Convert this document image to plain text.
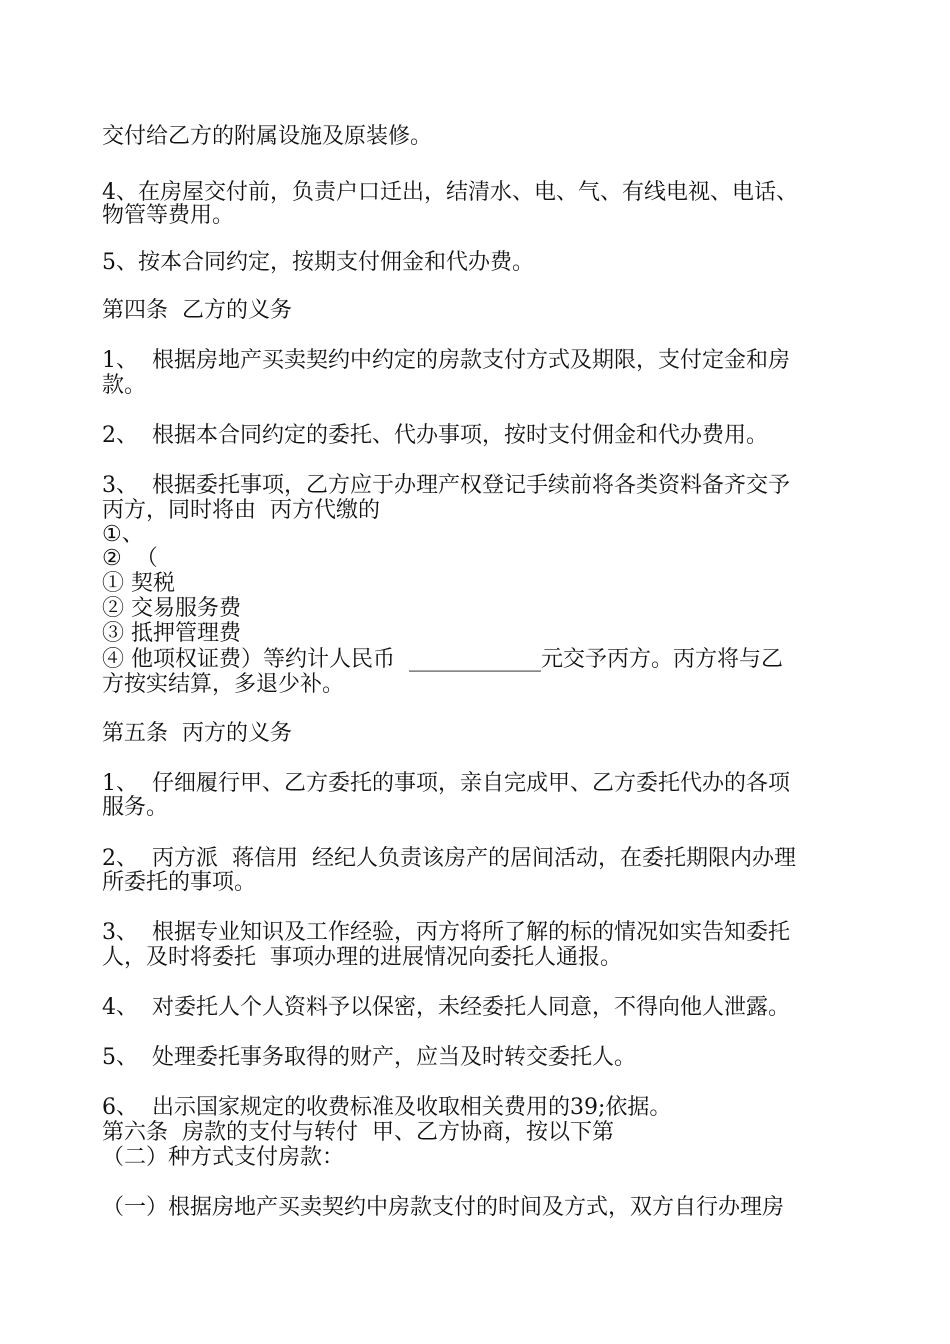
交付给乙方的附属设施及原装修。
4、在房屋交付前，负责户口迁出，结清水、电、气、有线电视、电话、
物管等费用。
5、按本合同约定，按期支付佣金和代办费。
第四条  乙方的义务
1、  根据房地产买卖契约中约定的房款支付方式及期限，支付定金和房
款。
2、  根据本合同约定的委托、代办事项，按时支付佣金和代办费用。
3、  根据委托事项，乙方应于办理产权登记手续前将各类资料备齐交予
丙方，同时将由  丙方代缴的
①、
②  （
① 契税
② 交易服务费
③ 抵押管理费
④ 他项权证费）等约计人民币  ____________元交予丙方。丙方将与乙
方按实结算，多退少补。
第五条  丙方的义务
1、  仔细履行甲、乙方委托的事项，亲自完成甲、乙方委托代办的各项
服务。
2、  丙方派  蒋信用  经纪人负责该房产的居间活动，在委托期限内办理
所委托的事项。
3、  根据专业知识及工作经验，丙方将所了解的标的情况如实告知委托
人，及时将委托  事项办理的进展情况向委托人通报。
4、  对委托人个人资料予以保密，未经委托人同意，不得向他人泄露。
5、  处理委托事务取得的财产，应当及时转交委托人。
6、  出示国家规定的收费标准及收取相关费用的39;依据。
第六条  房款的支付与转付  甲、乙方协商，按以下第
（二）种方式支付房款：
（一）根据房地产买卖契约中房款支付的时间及方式，双方自行办理房
